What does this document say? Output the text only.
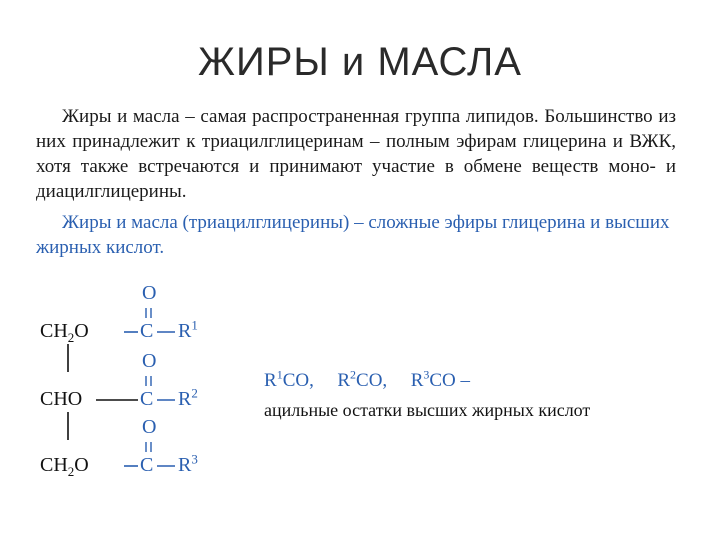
ЖИРЫ и МАСЛА

Жиры и масла – самая распространенная группа липидов. Большинство из них принадлежит к триацилглицеринам – полным эфирам глицерина и ВЖК, хотя также встречаются и принимают участие в обмене веществ моно- и диацилглицерины.

Жиры и масла (триацилглицерины) – сложные эфиры глицерина и высших жирных кислот.

O
$CH_2O$	C $R^1$
O
CHO	C $R^2$
O
$CH_2O$	C $R^3$
$R^1CO$, $R^2CO$, $R^3CO$ –
ацильные остатки высших жирных кислот
